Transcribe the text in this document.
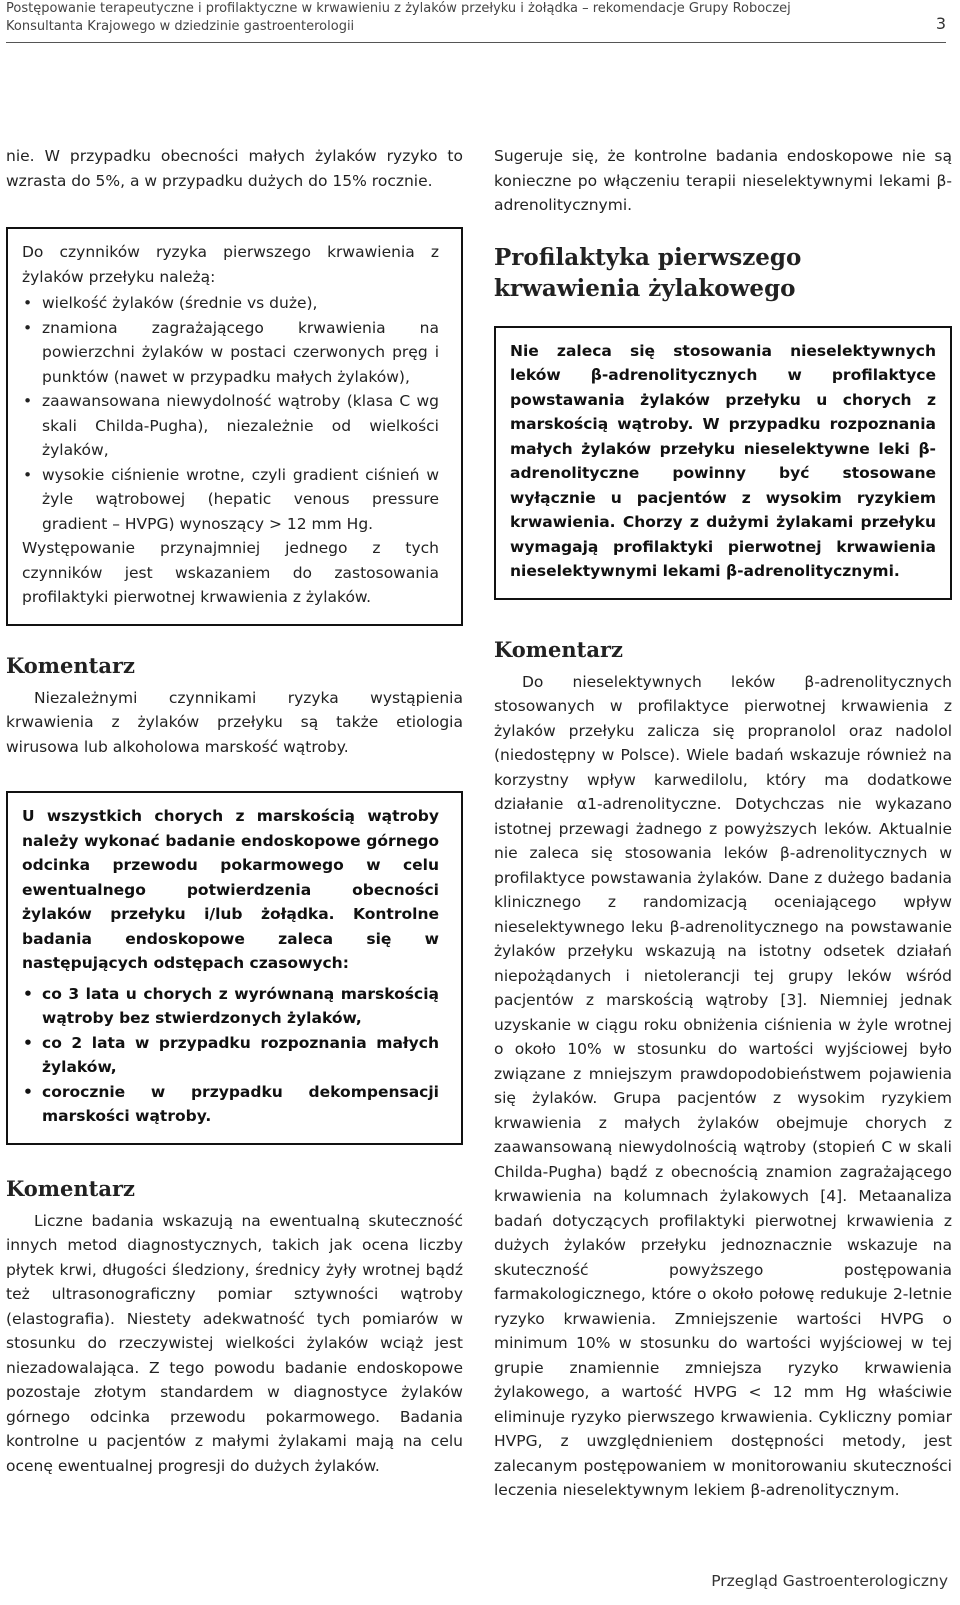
Postępowanie terapeutyczne i profilaktyczne w krwawieniu z żylaków przełyku i żołądka – rekomendacje Grupy Roboczej Konsultanta Krajowego w dziedzinie gastroenterologii	3

nie. W przypadku obecności małych żylaków ryzyko to wzrasta do 5%, a w przypadku dużych do 15% rocznie.

Do czynników ryzyka pierwszego krwawienia z żylaków przełyku należą:

• wielkość żylaków (średnie vs duże),
• znamiona zagrażającego krwawienia na powierzchni żylaków w postaci czerwonych pręg i punktów (nawet w przypadku małych żylaków),
• zaawansowana niewydolność wątroby (klasa C wg skali Childa-Pugha), niezależnie od wielkości żylaków,
• wysokie ciśnienie wrotne, czyli gradient ciśnień w żyle wątrobowej (hepatic venous pressure gradient – HVPG) wynoszący > 12 mm Hg.

Występowanie przynajmniej jednego z tych czynników jest wskazaniem do zastosowania profilaktyki pierwotnej krwawienia z żylaków.

Komentarz

Niezależnymi czynnikami ryzyka wystąpienia krwawienia z żylaków przełyku są także etiologia wirusowa lub alkoholowa marskość wątroby.

U wszystkich chorych z marskością wątroby należy wykonać badanie endoskopowe górnego odcinka przewodu pokarmowego w celu ewentualnego potwierdzenia obecności żylaków przełyku i/lub żołądka. Kontrolne badania endoskopowe zaleca się w następujących odstępach czasowych:

• co 3 lata u chorych z wyrównaną marskością wątroby bez stwierdzonych żylaków,
• co 2 lata w przypadku rozpoznania małych żylaków,
• corocznie w przypadku dekompensacji marskości wątroby.
Komentarz

Liczne badania wskazują na ewentualną skuteczność innych metod diagnostycznych, takich jak ocena liczby płytek krwi, długości śledziony, średnicy żyły wrotnej bądź też ultrasonograficzny pomiar sztywności wątroby (elastografia). Niestety adekwatność tych pomiarów w stosunku do rzeczywistej wielkości żylaków wciąż jest niezadowalająca. Z tego powodu badanie endoskopowe pozostaje złotym standardem w diagnostyce żylaków górnego odcinka przewodu pokarmowego. Badania kontrolne u pacjentów z małymi żylakami mają na celu ocenę ewentualnej progresji do dużych żylaków.

Sugeruje się, że kontrolne badania endoskopowe nie są konieczne po włączeniu terapii nieselektywnymi lekami β-adrenolitycznymi.

Profilaktyka pierwszego krwawienia żylakowego

Nie zaleca się stosowania nieselektywnych leków β-adrenolitycznych w profilaktyce powstawania żylaków przełyku u chorych z marskością wątroby. W przypadku rozpoznania małych żylaków przełyku nieselektywne leki β-adrenolityczne powinny być stosowane wyłącznie u pacjentów z wysokim ryzykiem krwawienia. Chorzy z dużymi żylakami przełyku wymagają profilaktyki pierwotnej krwawienia nieselektywnymi lekami β-adrenolitycznymi.

Komentarz

Do nieselektywnych leków β-adrenolitycznych stosowanych w profilaktyce pierwotnej krwawienia z żylaków przełyku zalicza się propranolol oraz nadolol (niedostępny w Polsce). Wiele badań wskazuje również na korzystny wpływ karwedilolu, który ma dodatkowe działanie α1-adrenolityczne. Dotychczas nie wykazano istotnej przewagi żadnego z powyższych leków. Aktualnie nie zaleca się stosowania leków β-adrenolitycznych w profilaktyce powstawania żylaków. Dane z dużego badania klinicznego z randomizacją oceniającego wpływ nieselektywnego leku β-adrenolitycznego na powstawanie żylaków przełyku wskazują na istotny odsetek działań niepożądanych i nietolerancji tej grupy leków wśród pacjentów z marskością wątroby [3]. Niemniej jednak uzyskanie w ciągu roku obniżenia ciśnienia w żyle wrotnej o około 10% w stosunku do wartości wyjściowej było związane z mniejszym prawdopodobieństwem pojawienia się żylaków. Grupa pacjentów z wysokim ryzykiem krwawienia z małych żylaków obejmuje chorych z zaawansowaną niewydolnością wątroby (stopień C w skali Childa-Pugha) bądź z obecnością znamion zagrażającego krwawienia na kolumnach żylakowych [4]. Metaanaliza badań dotyczących profilaktyki pierwotnej krwawienia z dużych żylaków przełyku jednoznacznie wskazuje na skuteczność powyższego postępowania farmakologicznego, które o około połowę redukuje 2-letnie ryzyko krwawienia. Zmniejszenie wartości HVPG o minimum 10% w stosunku do wartości wyjściowej w tej grupie znamiennie zmniejsza ryzyko krwawienia żylakowego, a wartość HVPG < 12 mm Hg właściwie eliminuje ryzyko pierwszego krwawienia. Cykliczny pomiar HVPG, z uwzględnieniem dostępności metody, jest zalecanym postępowaniem w monitorowaniu skuteczności leczenia nieselektywnym lekiem β-adrenolitycznym.

Przegląd Gastroenterologiczny
